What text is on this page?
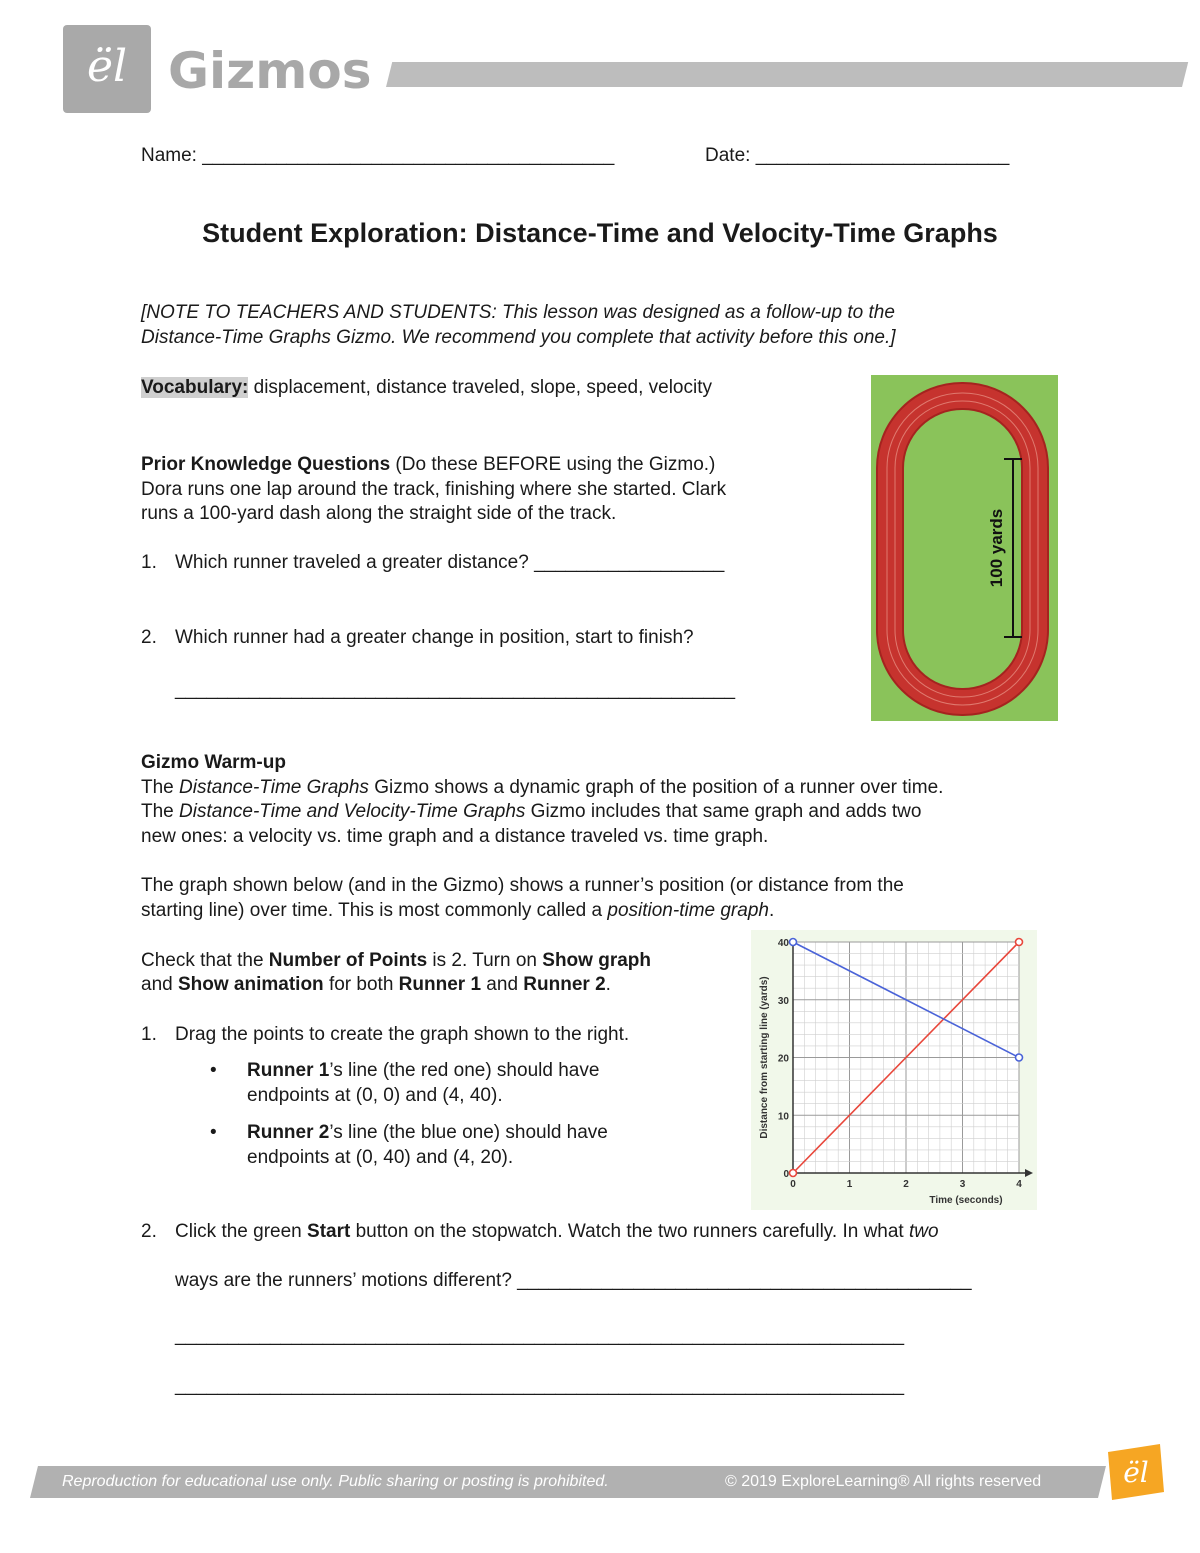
ël Gizmos
Name: _______________________________________	Date: ________________________
Student Exploration: Distance-Time and Velocity-Time Graphs
[NOTE TO TEACHERS AND STUDENTS: This lesson was designed as a follow-up to the
Distance-Time Graphs Gizmo. We recommend you complete that activity before this one.]
Vocabulary: displacement, distance traveled, slope, speed, velocity
Prior Knowledge Questions (Do these BEFORE using the Gizmo.)
Dora runs one lap around the track, finishing where she started. Clark
runs a 100-yard dash along the straight side of the track.
1. Which runner traveled a greater distance? __________________
2. Which runner had a greater change in position, start to finish?
_____________________________________________________
100 yards
Gizmo Warm-up
The Distance-Time Graphs Gizmo shows a dynamic graph of the position of a runner over time.
The Distance-Time and Velocity-Time Graphs Gizmo includes that same graph and adds two
new ones: a velocity vs. time graph and a distance traveled vs. time graph.
The graph shown below (and in the Gizmo) shows a runner’s position (or distance from the
starting line) over time. This is most commonly called a position-time graph.
Check that the Number of Points is 2. Turn on Show graph
and Show animation for both Runner 1 and Runner 2.
1. Drag the points to create the graph shown to the right.
• Runner 1’s line (the red one) should have
endpoints at (0, 0) and (4, 40).
• Runner 2’s line (the blue one) should have
endpoints at (0, 40) and (4, 20).
0	1	2	3	4
0
10
20
30
40
Time (seconds)
Distance from starting line (yards)
2. Click the green Start button on the stopwatch. Watch the two runners carefully. In what two
ways are the runners’ motions different? ___________________________________________
_____________________________________________________________________
_____________________________________________________________________
Reproduction for educational use only. Public sharing or posting is prohibited.	© 2019 ExploreLearning® All rights reserved	ël
